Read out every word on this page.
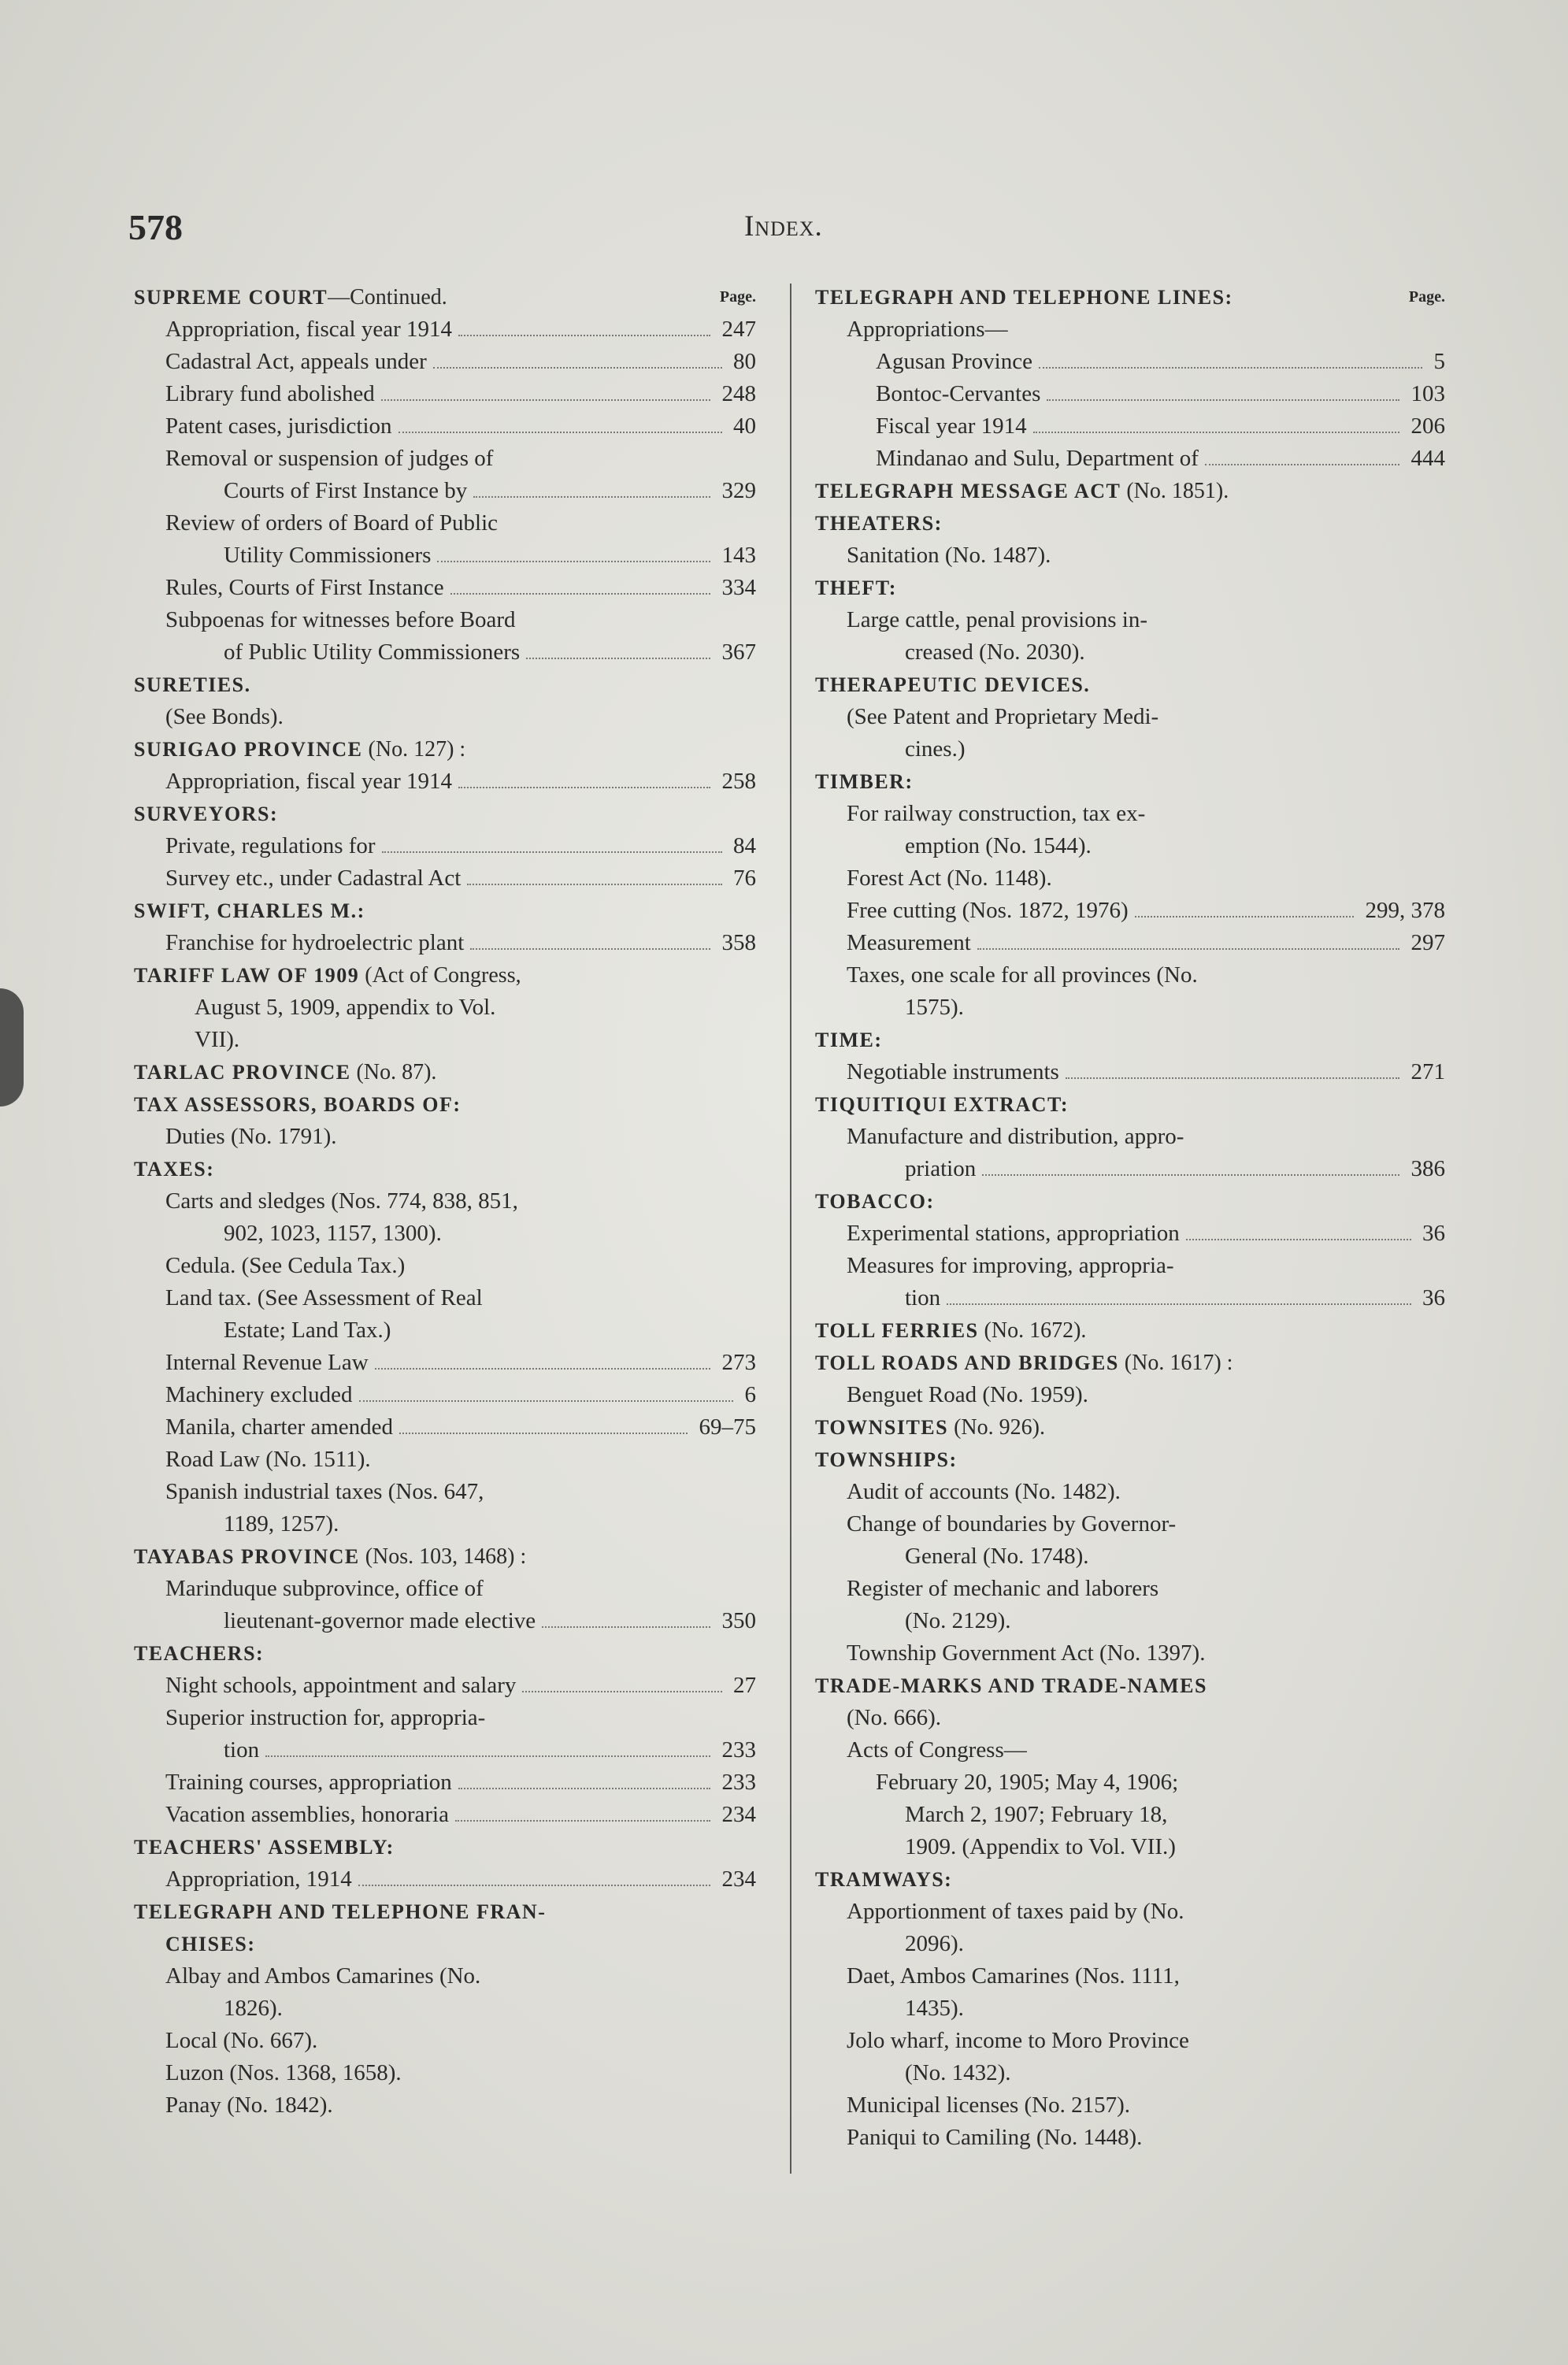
578	Index.
SUPREME COURT—Continued.	Page.
Appropriation, fiscal year 1914	247
Cadastral Act, appeals under	80
Library fund abolished	248
Patent cases, jurisdiction	40
Removal or suspension of judges of
Courts of First Instance by	329
Review of orders of Board of Public
Utility Commissioners	143
Rules, Courts of First Instance	334
Subpoenas for witnesses before Board
of Public Utility Commissioners	367
SURETIES.
(See Bonds).
SURIGAO PROVINCE (No. 127) :
Appropriation, fiscal year 1914	258
SURVEYORS:
Private, regulations for	84
Survey etc., under Cadastral Act	76
SWIFT, CHARLES M.:
Franchise for hydroelectric plant	358
TARIFF LAW OF 1909 (Act of Congress,
August 5, 1909, appendix to Vol.
VII).
TARLAC PROVINCE (No. 87).
TAX ASSESSORS, BOARDS OF:
Duties (No. 1791).
TAXES:
Carts and sledges (Nos. 774, 838, 851,
902, 1023, 1157, 1300).
Cedula. (See Cedula Tax.)
Land tax. (See Assessment of Real
Estate; Land Tax.)
Internal Revenue Law	273
Machinery excluded	6
Manila, charter amended	69–75
Road Law (No. 1511).
Spanish industrial taxes (Nos. 647,
1189, 1257).
TAYABAS PROVINCE (Nos. 103, 1468) :
Marinduque subprovince, office of
lieutenant-governor made elective	350
TEACHERS:
Night schools, appointment and salary	27
Superior instruction for, appropria-
tion	233
Training courses, appropriation	233
Vacation assemblies, honoraria	234
TEACHERS' ASSEMBLY:
Appropriation, 1914	234
TELEGRAPH AND TELEPHONE FRAN-
CHISES:
Albay and Ambos Camarines (No.
1826).
Local (No. 667).
Luzon (Nos. 1368, 1658).
Panay (No. 1842).
TELEGRAPH AND TELEPHONE LINES:	Page.
Appropriations—
Agusan Province	5
Bontoc-Cervantes	103
Fiscal year 1914	206
Mindanao and Sulu, Department of	444
TELEGRAPH MESSAGE ACT (No. 1851).
THEATERS:
Sanitation (No. 1487).
THEFT:
Large cattle, penal provisions in-
creased (No. 2030).
THERAPEUTIC DEVICES.
(See Patent and Proprietary Medi-
cines.)
TIMBER:
For railway construction, tax ex-
emption (No. 1544).
Forest Act (No. 1148).
Free cutting (Nos. 1872, 1976)	299, 378
Measurement	297
Taxes, one scale for all provinces (No.
1575).
TIME:
Negotiable instruments	271
TIQUITIQUI EXTRACT:
Manufacture and distribution, appro-
priation	386
TOBACCO:
Experimental stations, appropriation	36
Measures for improving, appropria-
tion	36
TOLL FERRIES (No. 1672).
TOLL ROADS AND BRIDGES (No. 1617) :
Benguet Road (No. 1959).
TOWNSITES (No. 926).
TOWNSHIPS:
Audit of accounts (No. 1482).
Change of boundaries by Governor-
General (No. 1748).
Register of mechanic and laborers
(No. 2129).
Township Government Act (No. 1397).
TRADE-MARKS AND TRADE-NAMES
(No. 666).
Acts of Congress—
February 20, 1905; May 4, 1906;
March 2, 1907; February 18,
1909. (Appendix to Vol. VII.)
TRAMWAYS:
Apportionment of taxes paid by (No.
2096).
Daet, Ambos Camarines (Nos. 1111,
1435).
Jolo wharf, income to Moro Province
(No. 1432).
Municipal licenses (No. 2157).
Paniqui to Camiling (No. 1448).
